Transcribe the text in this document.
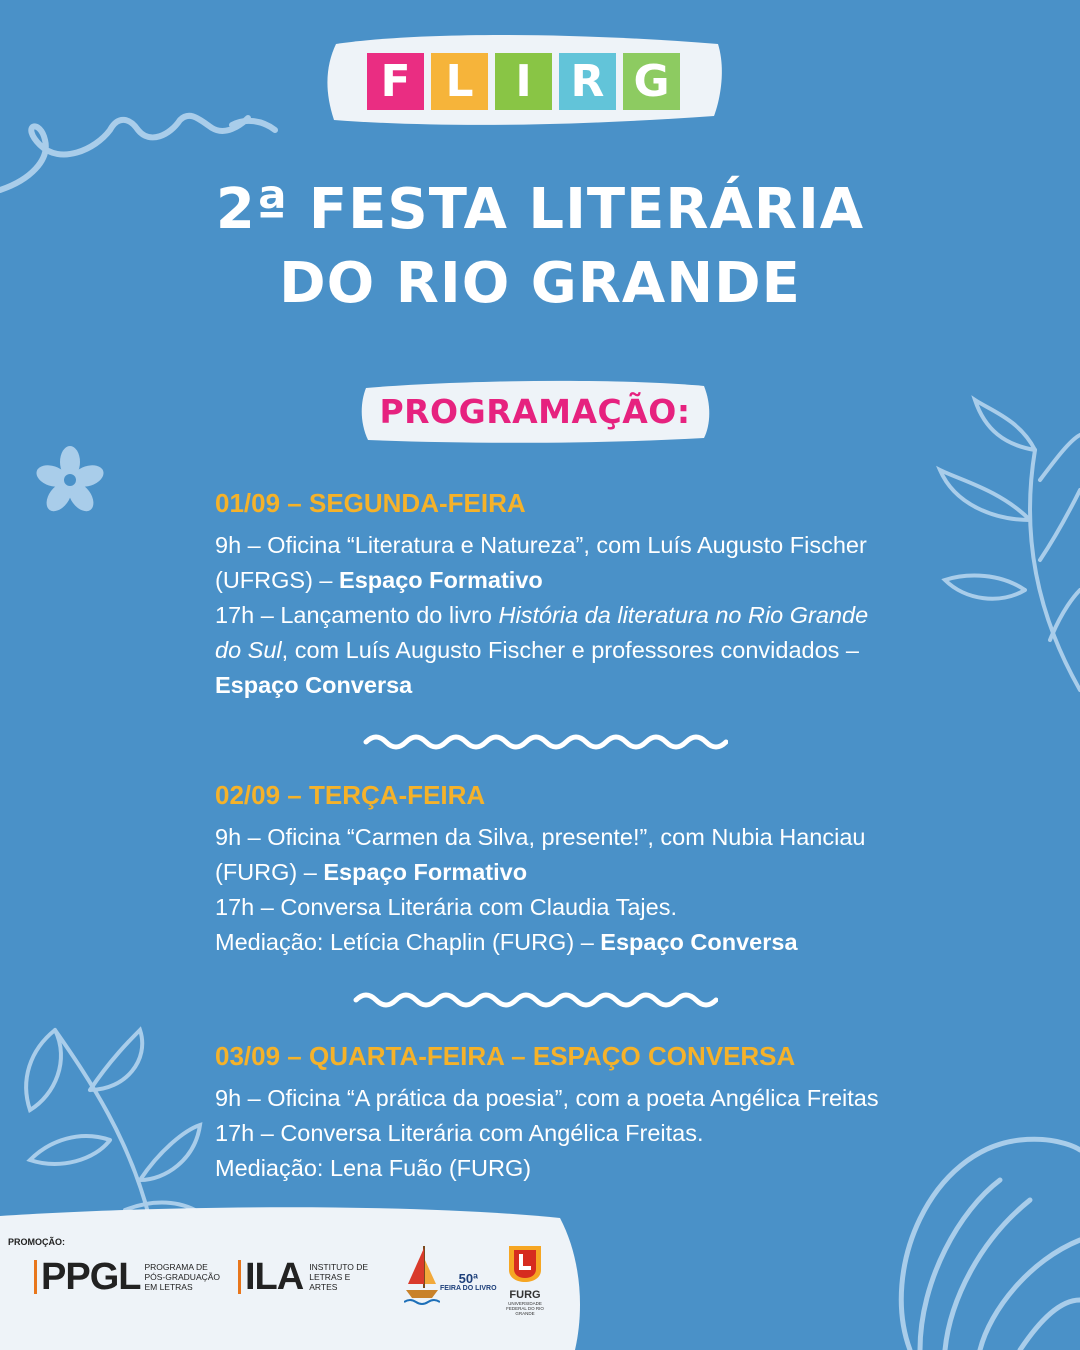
F L I R G
2ª FESTA LITERÁRIA
DO RIO GRANDE
PROGRAMAÇÃO:
01/09 – SEGUNDA-FEIRA
9h – Oficina “Literatura e Natureza”, com Luís Augusto Fischer
(UFRGS) – Espaço Formativo
17h – Lançamento do livro História da literatura no Rio Grande
do Sul, com Luís Augusto Fischer e professores convidados –
Espaço Conversa
02/09 – TERÇA-FEIRA
9h – Oficina “Carmen da Silva, presente!”, com Nubia Hanciau
(FURG) – Espaço Formativo
17h – Conversa Literária com Claudia Tajes.
Mediação: Letícia Chaplin (FURG) – Espaço Conversa
03/09 – QUARTA-FEIRA – ESPAÇO CONVERSA
9h – Oficina “A prática da poesia”, com a poeta Angélica Freitas
17h – Conversa Literária com Angélica Freitas.
Mediação: Lena Fuão (FURG)
PROMOÇÃO:
PPGL PROGRAMA DE PÓS-GRADUAÇÃO EM LETRAS	ILA INSTITUTO DE LETRAS E ARTES
50ª
FEIRA DO LIVRO
FURG
UNIVERSIDADE FEDERAL DO RIO GRANDE
